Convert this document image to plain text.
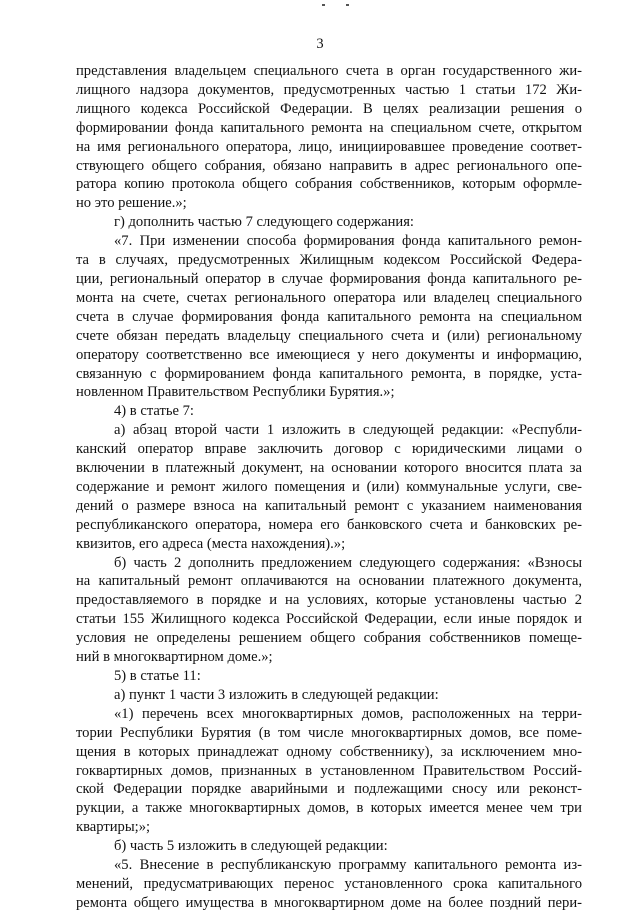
3

представления владельцем специального счета в орган государственного жи-

лищного надзора документов, предусмотренных частью 1 статьи 172 Жи-

лищного кодекса Российской Федерации. В целях реализации решения о

формировании фонда капитального ремонта на специальном счете, открытом

на имя регионального оператора, лицо, инициировавшее проведение соответ-

ствующего общего собрания, обязано направить в адрес регионального опе-

ратора копию протокола общего собрания собственников, которым оформле-

но это решение.»;

г) дополнить частью 7 следующего содержания:

«7. При изменении способа формирования фонда капитального ремон-

та в случаях, предусмотренных Жилищным кодексом Российской Федера-

ции, региональный оператор в случае формирования фонда капитального ре-

монта на счете, счетах регионального оператора или владелец специального

счета в случае формирования фонда капитального ремонта на специальном

счете обязан передать владельцу специального счета и (или) региональному

оператору соответственно все имеющиеся у него документы и информацию,

связанную с формированием фонда капитального ремонта, в порядке, уста-

новленном Правительством Республики Бурятия.»;

4) в статье 7:

а) абзац второй части 1 изложить в следующей редакции: «Республи-

канский оператор вправе заключить договор с юридическими лицами о

включении в платежный документ, на основании которого вносится плата за

содержание и ремонт жилого помещения и (или) коммунальные услуги, све-

дений о размере взноса на капитальный ремонт с указанием наименования

республиканского оператора, номера его банковского счета и банковских ре-

квизитов, его адреса (места нахождения).»;

б) часть 2 дополнить предложением следующего содержания: «Взносы

на капитальный ремонт оплачиваются на основании платежного документа,

предоставляемого в порядке и на условиях, которые установлены частью 2

статьи 155 Жилищного кодекса Российской Федерации, если иные порядок и

условия не определены решением общего собрания собственников помеще-

ний в многоквартирном доме.»;

5) в статье 11:

а) пункт 1 части 3 изложить в следующей редакции:

«1) перечень всех многоквартирных домов, расположенных на терри-

тории Республики Бурятия (в том числе многоквартирных домов, все поме-

щения в которых принадлежат одному собственнику), за исключением мно-

гоквартирных домов, признанных в установленном Правительством Россий-

ской Федерации порядке аварийными и подлежащими сносу или реконст-

рукции, а также многоквартирных домов, в которых имеется менее чем три

квартиры;»;

б) часть 5 изложить в следующей редакции:

«5. Внесение в республиканскую программу капитального ремонта из-

менений, предусматривающих перенос установленного срока капитального

ремонта общего имущества в многоквартирном доме на более поздний пери-
